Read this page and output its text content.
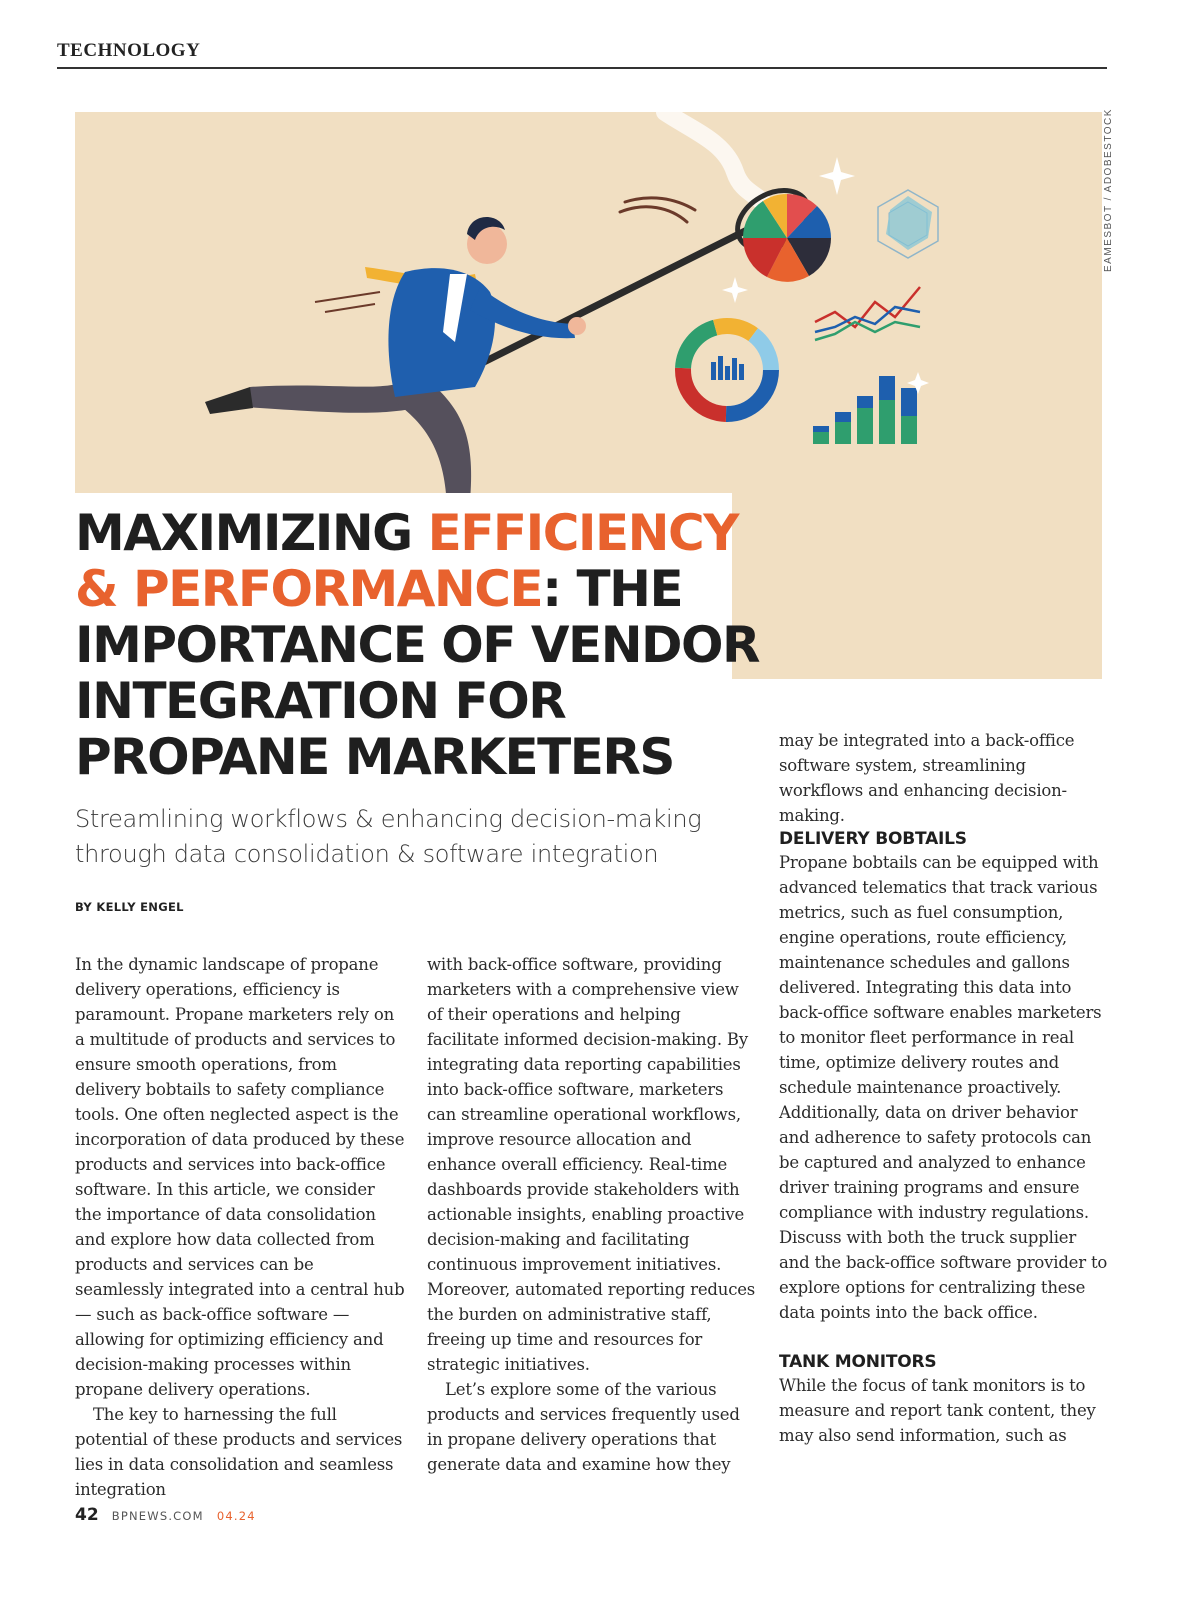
TECHNOLOGY
EAMESBOT / ADOBESTOCK
MAXIMIZING EFFICIENCY
& PERFORMANCE: THE
IMPORTANCE OF VENDOR
INTEGRATION FOR
PROPANE MARKETERS

Streamlining workflows & enhancing decision-making
through data consolidation & software integration

BY KELLY ENGEL

In the dynamic landscape of propane delivery operations, efficiency is paramount. Propane marketers rely on a multitude of products and services to ensure smooth operations, from delivery bobtails to safety compliance tools. One often neglected aspect is the incorporation of data produced by these products and services into back-office software. In this article, we consider the importance of data consolidation and explore how data collected from products and services can be seamlessly integrated into a central hub — such as back-office software — allowing for optimizing efficiency and decision-making processes within propane delivery operations.

The key to harnessing the full potential of these products and services lies in data consolidation and seamless integration

with back-office software, providing marketers with a comprehensive view of their operations and helping facilitate informed decision-making. By integrating data reporting capabilities into back-office software, marketers can streamline operational workflows, improve resource allocation and enhance overall efficiency. Real-time dashboards provide stakeholders with actionable insights, enabling proactive decision-making and facilitating continuous improvement initiatives. Moreover, automated reporting reduces the burden on administrative staff, freeing up time and resources for strategic initiatives.

Let’s explore some of the various products and services frequently used in propane delivery operations that generate data and examine how they

may be integrated into a back-office software system, streamlining workflows and enhancing decision-making.

DELIVERY BOBTAILS

Propane bobtails can be equipped with advanced telematics that track various metrics, such as fuel consumption, engine operations, route efficiency, maintenance schedules and gallons delivered. Integrating this data into back-office software enables marketers to monitor fleet performance in real time, optimize delivery routes and schedule maintenance proactively. Additionally, data on driver behavior and adherence to safety protocols can be captured and analyzed to enhance driver training programs and ensure compliance with industry regulations. Discuss with both the truck supplier and the back-office software provider to explore options for centralizing these data points into the back office.

TANK MONITORS

While the focus of tank monitors is to measure and report tank content, they may also send information, such as

42 BPNEWS.COM 04.24
